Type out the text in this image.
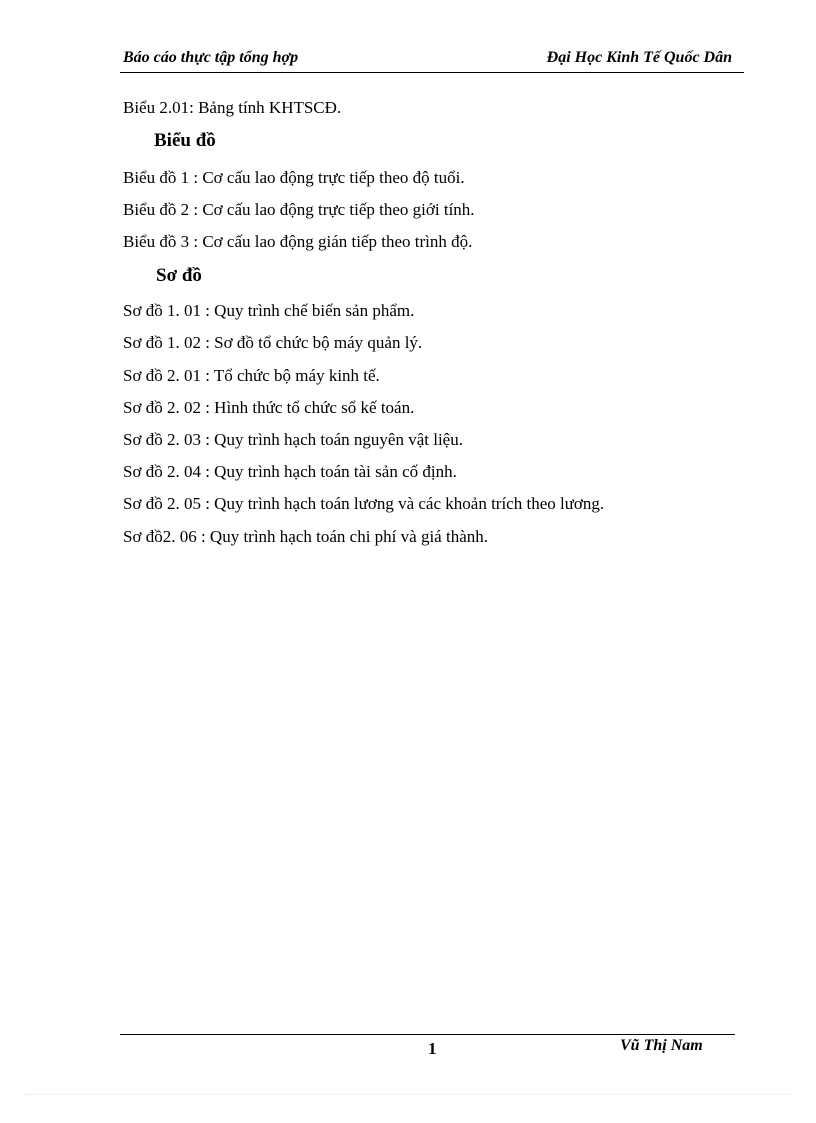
Báo cáo thực tập tổng hợp	Đại Học Kinh Tế Quốc Dân
Biểu 2.01: Bảng tính KHTSCĐ.
Biểu đồ
Biểu đồ 1 : Cơ cấu lao động trực tiếp theo độ tuổi.
Biểu đồ 2 : Cơ cấu lao động trực tiếp theo giới tính.
Biểu đồ 3 : Cơ cấu lao động gián tiếp theo trình độ.
Sơ đồ
Sơ đồ 1. 01 : Quy trình chế biến sản phẩm.
Sơ đồ 1. 02 : Sơ đồ tổ chức bộ máy quản lý.
Sơ đồ 2. 01 : Tổ chức bộ máy kinh tế.
Sơ đồ 2. 02 : Hình thức tổ chức sổ kế toán.
Sơ đồ 2. 03 : Quy trình hạch toán nguyên vật liệu.
Sơ đồ 2. 04 : Quy trình hạch toán tài sản cố định.
Sơ đồ 2. 05 : Quy trình hạch toán lương và các khoản trích theo lương.
Sơ đồ2. 06 : Quy trình hạch toán chi phí và giá thành.
1	Vũ Thị Nam
